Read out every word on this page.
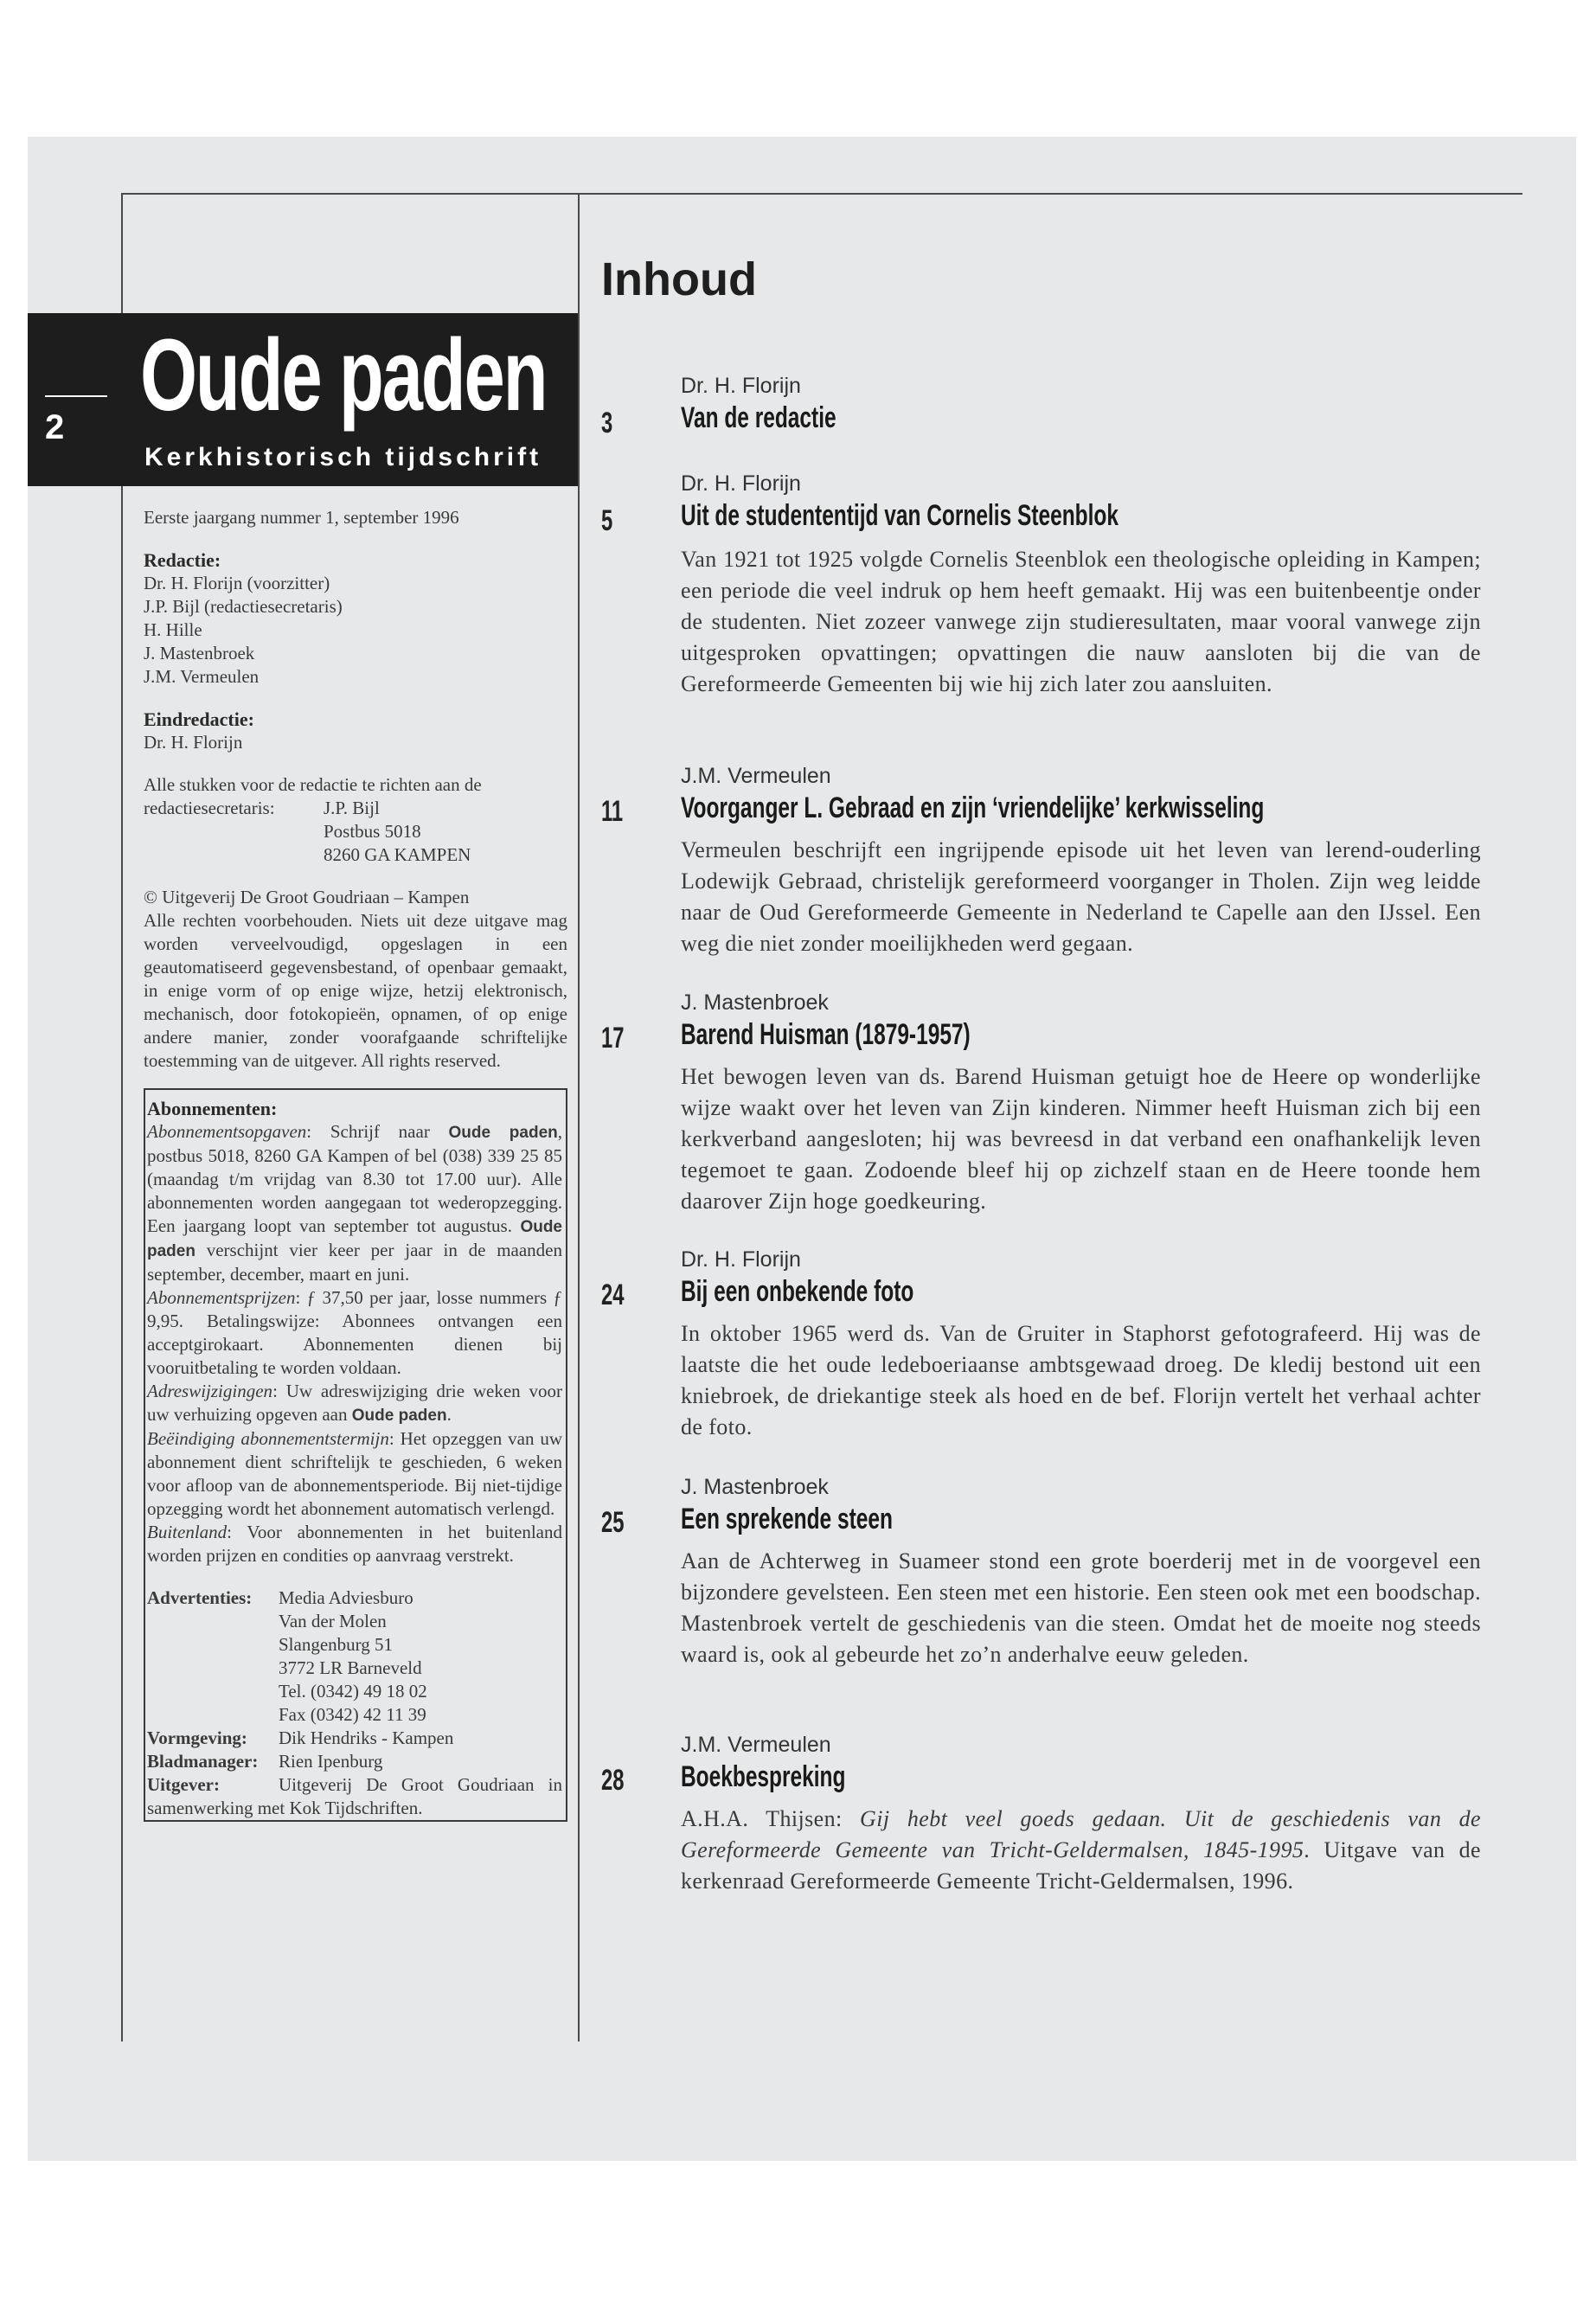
2 Oude paden
Kerkhistorisch tijdschrift

Eerste jaargang nummer 1, september 1996

Redactie:

Dr. H. Florijn (voorzitter)

J.P. Bijl (redactiesecretaris)

H. Hille

J. Mastenbroek

J.M. Vermeulen

Eindredactie:

Dr. H. Florijn

Alle stukken voor de redactie te richten aan de

redactiesecretaris:	J.P. Bijl

Postbus 5018

8260 GA KAMPEN

© Uitgeverij De Groot Goudriaan – Kampen

Alle rechten voorbehouden. Niets uit deze uitgave mag worden verveelvoudigd, opgeslagen in een geautomatiseerd gegevensbestand, of openbaar gemaakt, in enige vorm of op enige wijze, hetzij elektronisch, mechanisch, door fotokopieën, opnamen, of op enige andere manier, zonder voorafgaande schriftelijke toestemming van de uitgever. All rights reserved.

Abonnementen:

Abonnementsopgaven: Schrijf naar Oude paden, postbus 5018, 8260 GA Kampen of bel (038) 339 25 85 (maandag t/m vrijdag van 8.30 tot 17.00 uur). Alle abonnementen worden aangegaan tot wederopzegging. Een jaargang loopt van september tot augustus. Oude paden verschijnt vier keer per jaar in de maanden september, december, maart en juni.

Abonnementsprijzen: ƒ 37,50 per jaar, losse nummers ƒ 9,95. Betalingswijze: Abonnees ontvangen een acceptgirokaart. Abonnementen dienen bij vooruitbetaling te worden voldaan.

Adreswijzigingen: Uw adreswijziging drie weken voor uw verhuizing opgeven aan Oude paden.

Beëindiging abonnementstermijn: Het opzeggen van uw abonnement dient schriftelijk te geschieden, 6 weken voor afloop van de abonnementsperiode. Bij niet-tijdige opzegging wordt het abonnement automatisch verlengd.

Buitenland: Voor abonnementen in het buitenland worden prijzen en condities op aanvraag verstrekt.

Advertenties:	Media Adviesburo

Van der Molen

Slangenburg 51

3772 LR Barneveld

Tel. (0342) 49 18 02

Fax (0342) 42 11 39

Vormgeving:	Dik Hendriks - Kampen
Bladmanager:	Rien Ipenburg

Uitgever:	Uitgeverij De Groot Goudriaan in samenwerking met Kok Tijdschriften.

Inhoud
3
Dr. H. Florijn
Van de redactie
5
Dr. H. Florijn
Uit de studententijd van Cornelis Steenblok
Van 1921 tot 1925 volgde Cornelis Steenblok een theologische opleiding in Kampen; een periode die veel indruk op hem heeft gemaakt. Hij was een buitenbeentje onder de studenten. Niet zozeer vanwege zijn studieresultaten, maar vooral vanwege zijn uitgesproken opvattingen; opvattingen die nauw aansloten bij die van de Gereformeerde Gemeenten bij wie hij zich later zou aansluiten.
11
J.M. Vermeulen
Voorganger L. Gebraad en zijn ‘vriendelijke’ kerkwisseling
Vermeulen beschrijft een ingrijpende episode uit het leven van lerend-ouderling Lodewijk Gebraad, christelijk gereformeerd voorganger in Tholen. Zijn weg leidde naar de Oud Gereformeerde Gemeente in Nederland te Capelle aan den IJssel. Een weg die niet zonder moeilijkheden werd gegaan.
17
J. Mastenbroek
Barend Huisman (1879-1957)
Het bewogen leven van ds. Barend Huisman getuigt hoe de Heere op wonderlijke wijze waakt over het leven van Zijn kinderen. Nimmer heeft Huisman zich bij een kerkverband aangesloten; hij was bevreesd in dat verband een onafhankelijk leven tegemoet te gaan. Zodoende bleef hij op zichzelf staan en de Heere toonde hem daarover Zijn hoge goedkeuring.
24
Dr. H. Florijn
Bij een onbekende foto
In oktober 1965 werd ds. Van de Gruiter in Staphorst gefotografeerd. Hij was de laatste die het oude ledeboeriaanse ambtsgewaad droeg. De kledij bestond uit een kniebroek, de driekantige steek als hoed en de bef. Florijn vertelt het verhaal achter de foto.
25
J. Mastenbroek
Een sprekende steen
Aan de Achterweg in Suameer stond een grote boerderij met in de voorgevel een bijzondere gevelsteen. Een steen met een historie. Een steen ook met een boodschap. Mastenbroek vertelt de geschiedenis van die steen. Omdat het de moeite nog steeds waard is, ook al gebeurde het zo’n anderhalve eeuw geleden.
28
J.M. Vermeulen
Boekbespreking
A.H.A. Thijsen: Gij hebt veel goeds gedaan. Uit de geschiedenis van de Gereformeerde Gemeente van Tricht-Geldermalsen, 1845-1995. Uitgave van de kerkenraad Gereformeerde Gemeente Tricht-Geldermalsen, 1996.
